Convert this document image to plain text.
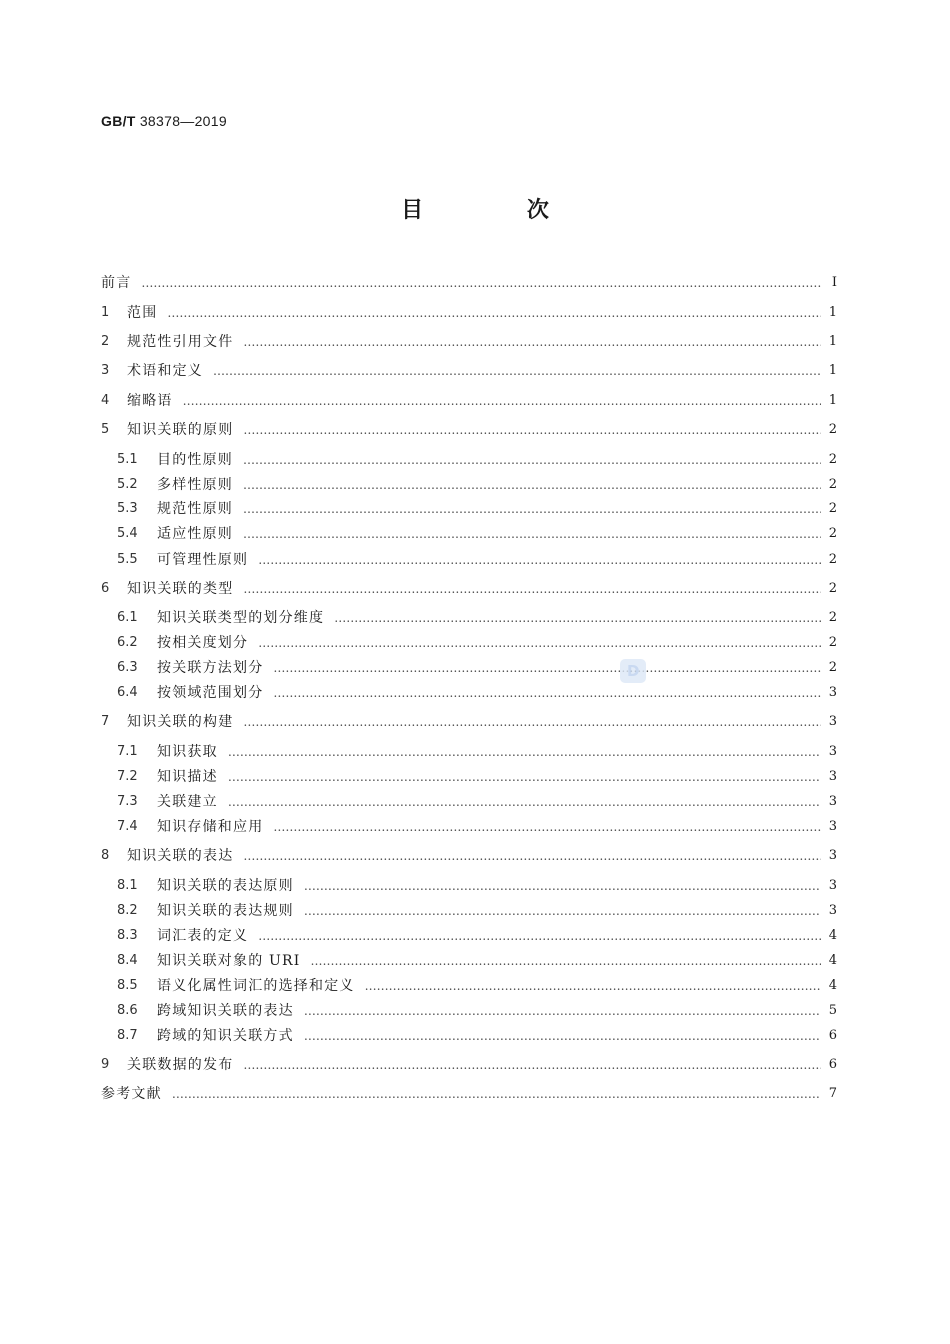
GB/T 38378—2019
目 次
前言 …………………………………………………………………………………………………………………………………………………………………………………………………………………………	Ⅰ
1	范围 …………………………………………………………………………………………………………………………………………………………………………………………………………………………	1
2	规范性引用文件 …………………………………………………………………………………………………………………………………………………………………………………………………………………………	1
3	术语和定义 …………………………………………………………………………………………………………………………………………………………………………………………………………………………	1
4	缩略语 …………………………………………………………………………………………………………………………………………………………………………………………………………………………	1
5	知识关联的原则 …………………………………………………………………………………………………………………………………………………………………………………………………………………………	2
5.1	目的性原则 …………………………………………………………………………………………………………………………………………………………………………………………………………………………	2
5.2	多样性原则 …………………………………………………………………………………………………………………………………………………………………………………………………………………………	2
5.3	规范性原则 …………………………………………………………………………………………………………………………………………………………………………………………………………………………	2
5.4	适应性原则 …………………………………………………………………………………………………………………………………………………………………………………………………………………………	2
5.5	可管理性原则 …………………………………………………………………………………………………………………………………………………………………………………………………………………………	2
6	知识关联的类型 …………………………………………………………………………………………………………………………………………………………………………………………………………………………	2
6.1	知识关联类型的划分维度 …………………………………………………………………………………………………………………………………………………………………………………………………………………………	2
6.2	按相关度划分 …………………………………………………………………………………………………………………………………………………………………………………………………………………………	2
6.3	按关联方法划分 …………………………………………………………………………………………………………………………………………………………………………………………………………………………	2
6.4	按领域范围划分 …………………………………………………………………………………………………………………………………………………………………………………………………………………………	3
7	知识关联的构建 …………………………………………………………………………………………………………………………………………………………………………………………………………………………	3
7.1	知识获取 …………………………………………………………………………………………………………………………………………………………………………………………………………………………	3
7.2	知识描述 …………………………………………………………………………………………………………………………………………………………………………………………………………………………	3
7.3	关联建立 …………………………………………………………………………………………………………………………………………………………………………………………………………………………	3
7.4	知识存储和应用 …………………………………………………………………………………………………………………………………………………………………………………………………………………………	3
8	知识关联的表达 …………………………………………………………………………………………………………………………………………………………………………………………………………………………	3
8.1	知识关联的表达原则 …………………………………………………………………………………………………………………………………………………………………………………………………………………………	3
8.2	知识关联的表达规则 …………………………………………………………………………………………………………………………………………………………………………………………………………………………	3
8.3	词汇表的定义 …………………………………………………………………………………………………………………………………………………………………………………………………………………………	4
8.4	知识关联对象的 URI …………………………………………………………………………………………………………………………………………………………………………………………………………………………	4
8.5	语义化属性词汇的选择和定义 …………………………………………………………………………………………………………………………………………………………………………………………………………………………	4
8.6	跨域知识关联的表达 …………………………………………………………………………………………………………………………………………………………………………………………………………………………	5
8.7	跨域的知识关联方式 …………………………………………………………………………………………………………………………………………………………………………………………………………………………	6
9	关联数据的发布 …………………………………………………………………………………………………………………………………………………………………………………………………………………………	6
参考文献 …………………………………………………………………………………………………………………………………………………………………………………………………………………………	7
D
